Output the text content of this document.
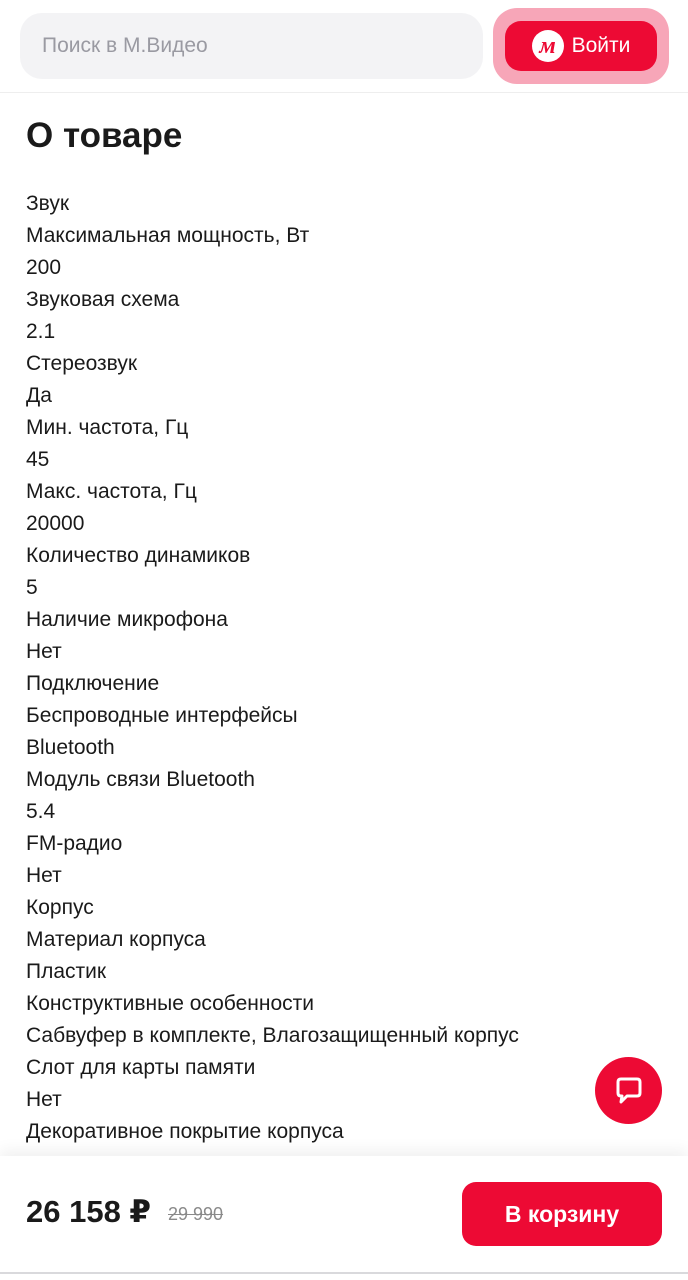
Поиск в М.Видео
м Войти
О товаре
Звук
Максимальная мощность, Вт
200
Звуковая схема
2.1
Стереозвук
Да
Мин. частота, Гц
45
Макс. частота, Гц
20000
Количество динамиков
5
Наличие микрофона
Нет
Подключение
Беспроводные интерфейсы
Bluetooth
Модуль связи Bluetooth
5.4
FM-радио
Нет
Корпус
Материал корпуса
Пластик
Конструктивные особенности
Сабвуфер в комплекте, Влагозащищенный корпус
Слот для карты памяти
Нет
Декоративное покрытие корпуса
26 158 ₽ 29 990	В корзину
